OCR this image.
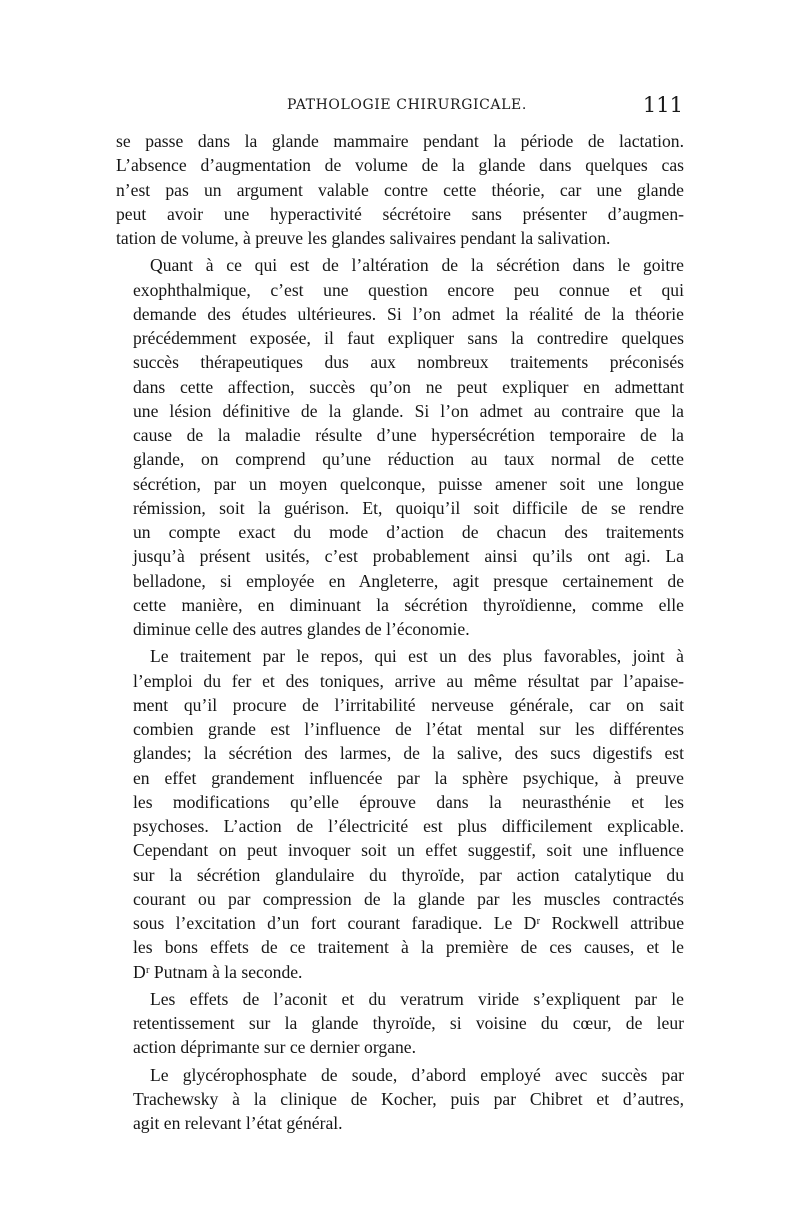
PATHOLOGIE CHIRURGICALE.	111
se passe dans la glande mammaire pendant la période de lactation.
L’absence d’augmentation de volume de la glande dans quelques cas
n’est pas un argument valable contre cette théorie, car une glande
peut avoir une hyperactivité sécrétoire sans présenter d’augmen-
tation de volume, à preuve les glandes salivaires pendant la salivation.
Quant à ce qui est de l’altération de la sécrétion dans le goitre
exophthalmique, c’est une question encore peu connue et qui
demande des études ultérieures. Si l’on admet la réalité de la théorie
précédemment exposée, il faut expliquer sans la contredire quelques
succès thérapeutiques dus aux nombreux traitements préconisés
dans cette affection, succès qu’on ne peut expliquer en admettant
une lésion définitive de la glande. Si l’on admet au contraire que la
cause de la maladie résulte d’une hypersécrétion temporaire de la
glande, on comprend qu’une réduction au taux normal de cette
sécrétion, par un moyen quelconque, puisse amener soit une longue
rémission, soit la guérison. Et, quoiqu’il soit difficile de se rendre
un compte exact du mode d’action de chacun des traitements
jusqu’à présent usités, c’est probablement ainsi qu’ils ont agi. La
belladone, si employée en Angleterre, agit presque certainement de
cette manière, en diminuant la sécrétion thyroïdienne, comme elle
diminue celle des autres glandes de l’économie.
Le traitement par le repos, qui est un des plus favorables, joint à
l’emploi du fer et des toniques, arrive au même résultat par l’apaise-
ment qu’il procure de l’irritabilité nerveuse générale, car on sait
combien grande est l’influence de l’état mental sur les différentes
glandes; la sécrétion des larmes, de la salive, des sucs digestifs est
en effet grandement influencée par la sphère psychique, à preuve
les modifications qu’elle éprouve dans la neurasthénie et les
psychoses. L’action de l’électricité est plus difficilement explicable.
Cependant on peut invoquer soit un effet suggestif, soit une influence
sur la sécrétion glandulaire du thyroïde, par action catalytique du
courant ou par compression de la glande par les muscles contractés
sous l’excitation d’un fort courant faradique. Le Dʳ Rockwell attribue
les bons effets de ce traitement à la première de ces causes, et le
Dʳ Putnam à la seconde.
Les effets de l’aconit et du veratrum viride s’expliquent par le
retentissement sur la glande thyroïde, si voisine du cœur, de leur
action déprimante sur ce dernier organe.
Le glycérophosphate de soude, d’abord employé avec succès par
Trachewsky à la clinique de Kocher, puis par Chibret et d’autres,
agit en relevant l’état général.
